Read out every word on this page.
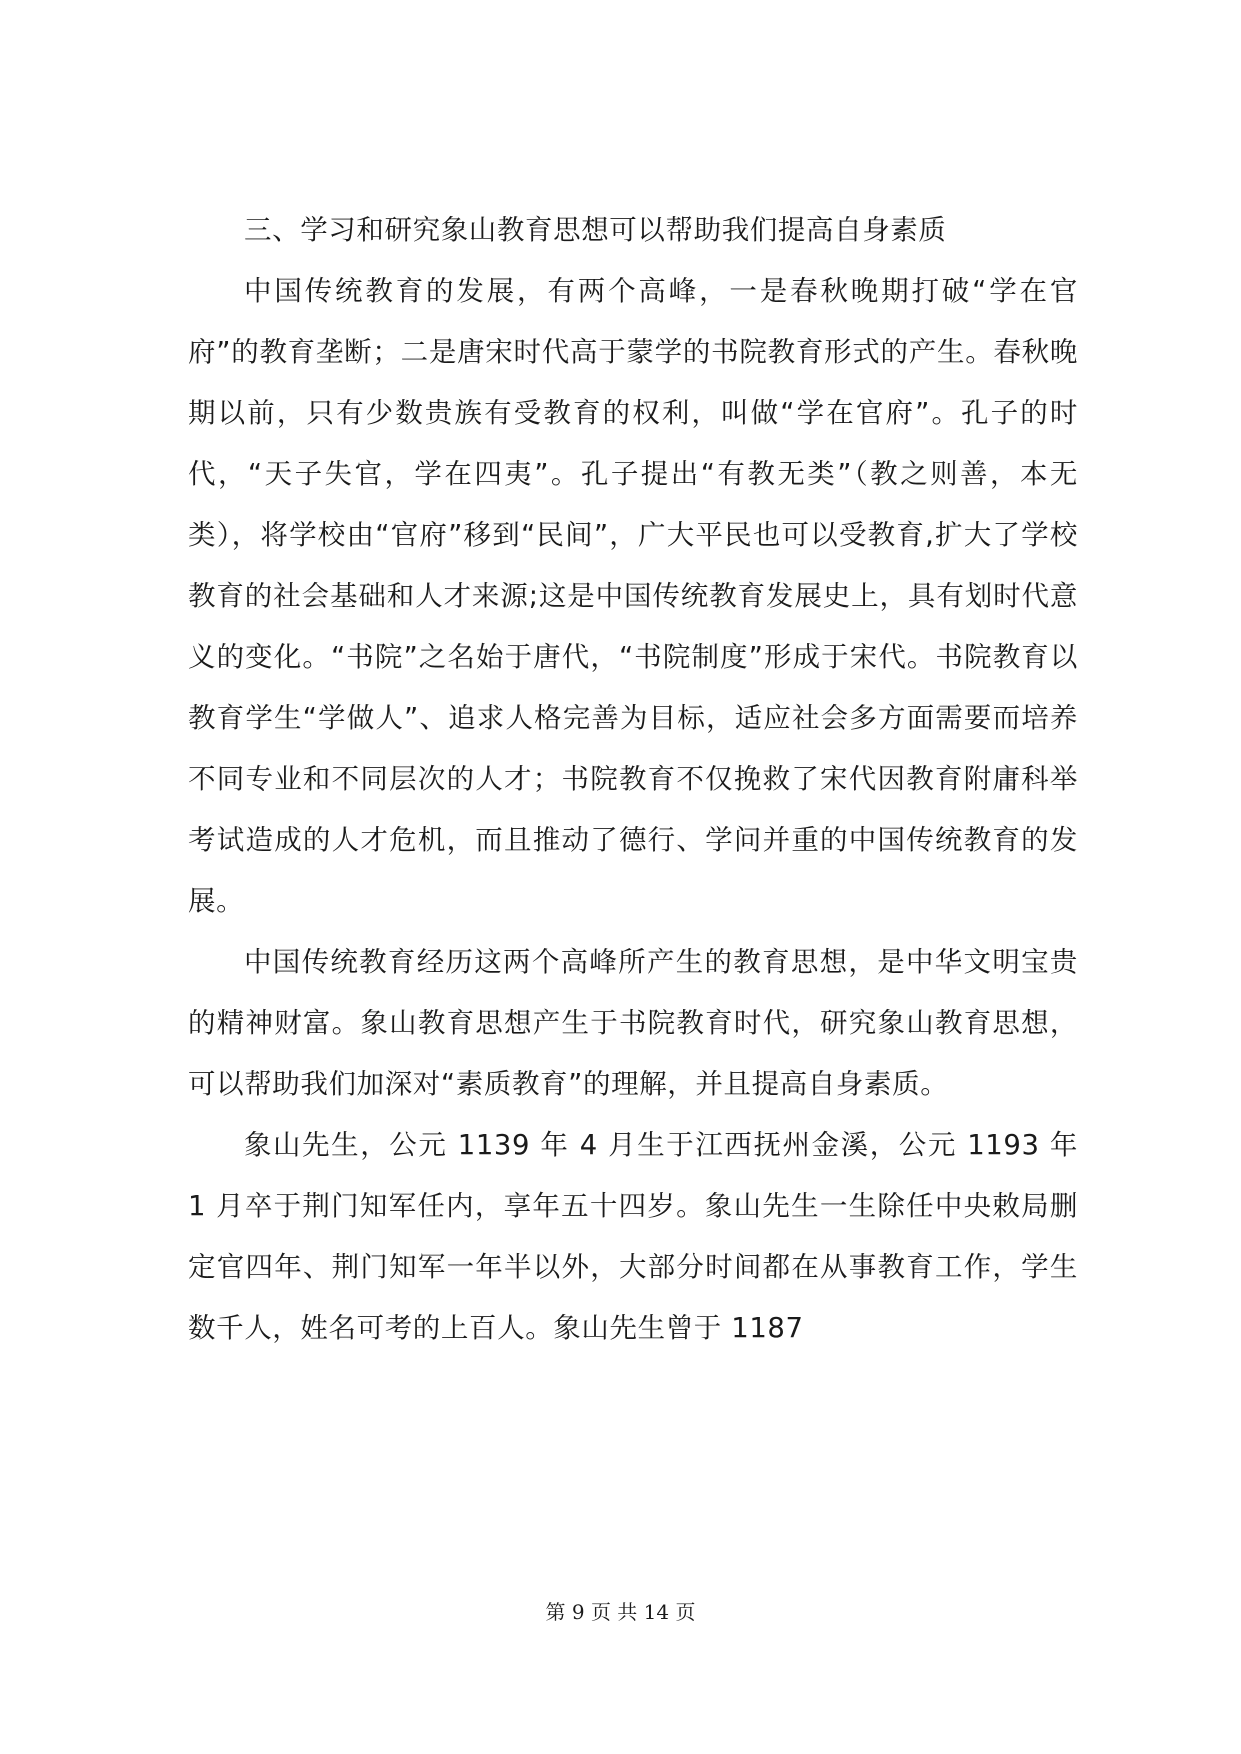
三、学习和研究象山教育思想可以帮助我们提高自身素质

中国传统教育的发展，有两个高峰，一是春秋晚期打破“学在官府”的教育垄断；二是唐宋时代高于蒙学的书院教育形式的产生。春秋晚期以前，只有少数贵族有受教育的权利，叫做“学在官府”。孔子的时代，“天子失官，学在四夷”。孔子提出“有教无类”（教之则善，本无类），将学校由“官府”移到“民间”，广大平民也可以受教育,扩大了学校教育的社会基础和人才来源;这是中国传统教育发展史上，具有划时代意义的变化。“书院”之名始于唐代，“书院制度”形成于宋代。书院教育以教育学生“学做人”、追求人格完善为目标，适应社会多方面需要而培养不同专业和不同层次的人才；书院教育不仅挽救了宋代因教育附庸科举考试造成的人才危机，而且推动了德行、学问并重的中国传统教育的发展。

中国传统教育经历这两个高峰所产生的教育思想，是中华文明宝贵的精神财富。象山教育思想产生于书院教育时代，研究象山教育思想，可以帮助我们加深对“素质教育”的理解，并且提高自身素质。

象山先生，公元 1139 年 4 月生于江西抚州金溪，公元 1193 年 1 月卒于荆门知军任内，享年五十四岁。象山先生一生除任中央敕局删定官四年、荆门知军一年半以外，大部分时间都在从事教育工作，学生数千人，姓名可考的上百人。象山先生曾于 1187

第 9 页 共 14 页
